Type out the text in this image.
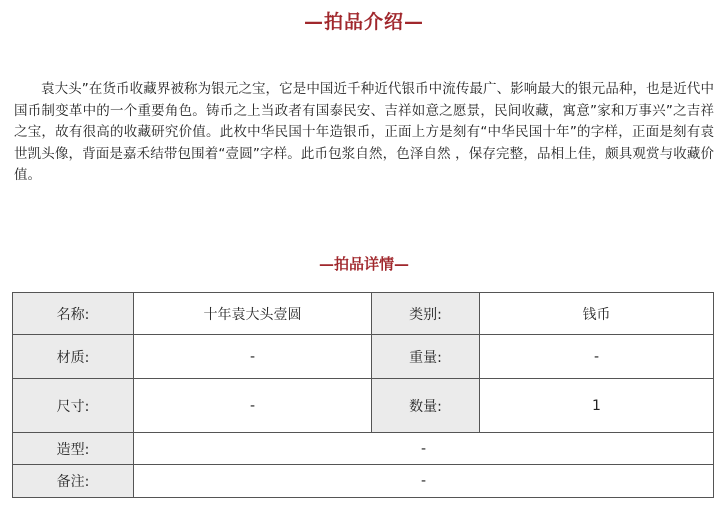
—拍品介绍—

袁大头”在货币收藏界被称为银元之宝，它是中国近千种近代银币中流传最广、影响最大的银元品种，也是近代中国币制变革中的一个重要角色。铸币之上当政者有国泰民安、吉祥如意之愿景，民间收藏，寓意”家和万事兴”之吉祥之宝，故有很高的收藏研究价值。此枚中华民国十年造银币，正面上方是刻有“中华民国十年”的字样，正面是刻有袁世凯头像，背面是嘉禾结带包围着“壹圆”字样。此币包浆自然，色泽自然 ，保存完整，品相上佳，颇具观赏与收藏价值。

—拍品详情—
名称:	十年袁大头壹圆	类别:	钱币
材质:	-	重量:	-
尺寸:	-	数量:	1
造型:	-		
备注:	-		
